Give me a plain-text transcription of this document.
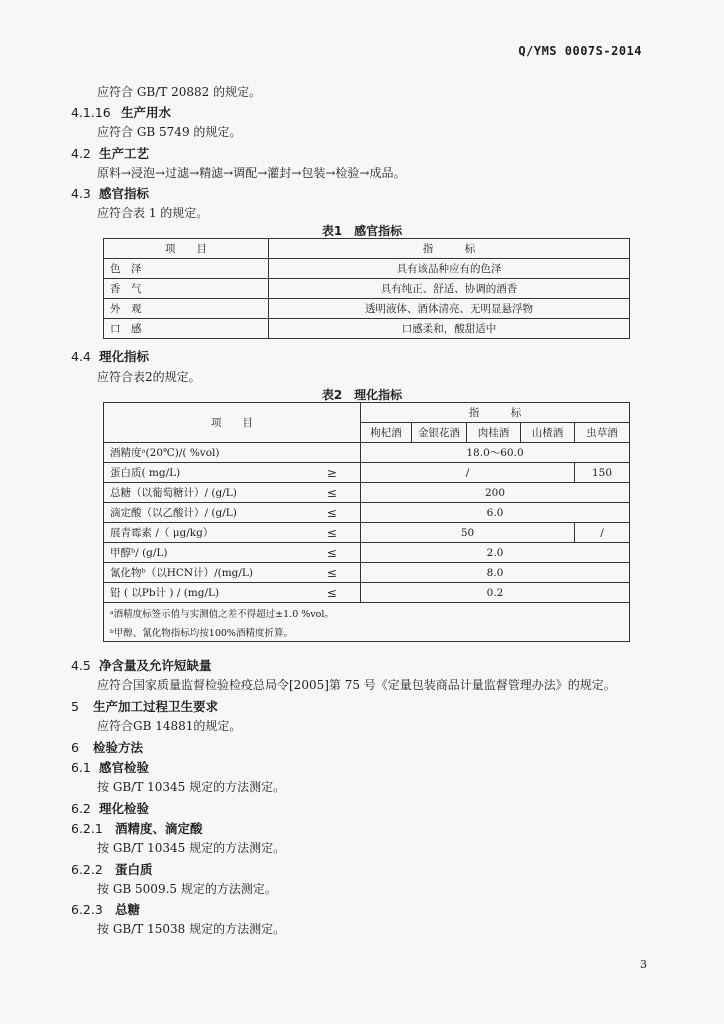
Q/YMS 0007S-2014
应符合 GB/T 20882 的规定。
4.1.16 生产用水
应符合 GB 5749 的规定。
4.2 生产工艺
原料→浸泡→过滤→精滤→调配→灌封→包装→检验→成品。
4.3 感官指标
应符合表 1 的规定。
表1　感官指标
项　　目	指　　　标
色　泽	具有该品种应有的色泽
香　气	具有纯正、舒适、协调的酒香
外　观	透明液体、酒体清亮、无明显悬浮物
口　感	口感柔和，酸甜适中
4.4 理化指标
应符合表2的规定。
表2　理化指标
项　　目		指　　　标				
		枸杞酒	金银花酒	肉桂酒	山楂酒	虫草酒
酒精度ᵃ(20℃)/( %vol)		18.0～60.0				
蛋白质( mg/L)	≥	/				150
总糖（以葡萄糖计）/ (g/L)	≤	200				
滴定酸（以乙酸计）/ (g/L)	≤	6.0				
展青霉素 /（ μg/kg）	≤	50				/
甲醇ᵇ/ (g/L)	≤	2.0				
氰化物ᵇ（以HCN计）/(mg/L)	≤	8.0				
铅 ( 以Pb计 ) / (mg/L)	≤	0.2				
ᵃ酒精度标签示值与实测值之差不得超过±1.0 %vol。						
ᵇ甲醇、氰化物指标均按100%酒精度折算。						
4.5 净含量及允许短缺量
应符合国家质量监督检验检疫总局令[2005]第 75 号《定量包装商品计量监督管理办法》的规定。
5 生产加工过程卫生要求
应符合GB 14881的规定。
6 检验方法
6.1 感官检验
按 GB/T 10345 规定的方法测定。
6.2 理化检验
6.2.1 酒精度、滴定酸
按 GB/T 10345 规定的方法测定。
6.2.2 蛋白质
按 GB 5009.5 规定的方法测定。
6.2.3 总糖
按 GB/T 15038 规定的方法测定。
3
